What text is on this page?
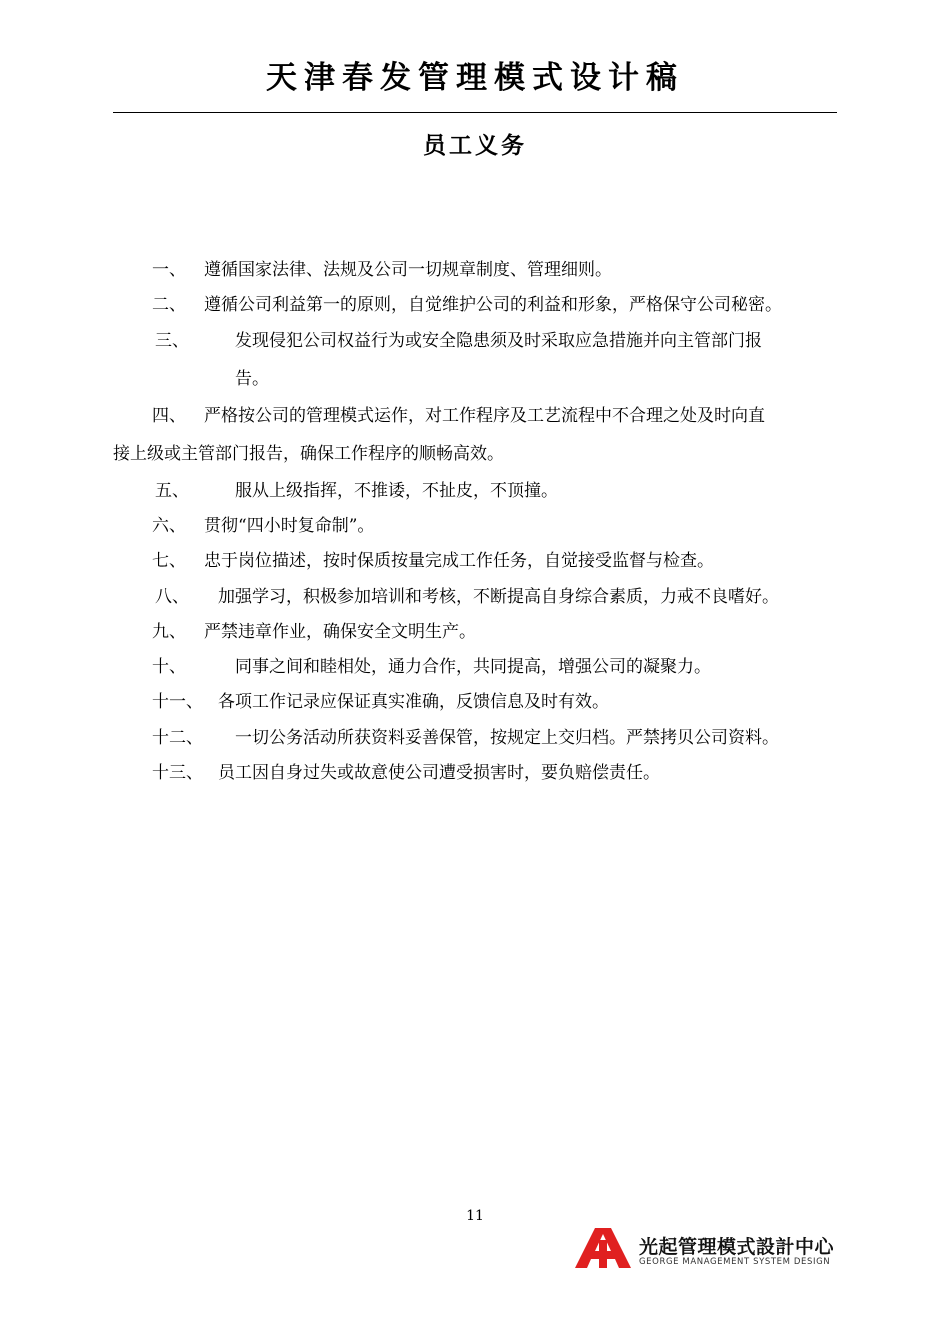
天津春发管理模式设计稿
员工义务
一、 遵循国家法律、法规及公司一切规章制度、管理细则。
二、 遵循公司利益第一的原则，自觉维护公司的利益和形象，严格保守公司秘密。
三、	发现侵犯公司权益行为或安全隐患须及时采取应急措施并向主管部门报
告。
四、 严格按公司的管理模式运作，对工作程序及工艺流程中不合理之处及时向直
接上级或主管部门报告，确保工作程序的顺畅高效。
五、	服从上级指挥，不推诿，不扯皮，不顶撞。
六、 贯彻“四小时复命制”。
七、 忠于岗位描述，按时保质按量完成工作任务，自觉接受监督与检查。
八、 加强学习，积极参加培训和考核，不断提高自身综合素质，力戒不良嗜好。
九、 严禁违章作业，确保安全文明生产。
十、	同事之间和睦相处，通力合作，共同提高，增强公司的凝聚力。
十一、 各项工作记录应保证真实准确，反馈信息及时有效。
十二、 一切公务活动所获资料妥善保管，按规定上交归档。严禁拷贝公司资料。
十三、 员工因自身过失或故意使公司遭受损害时，要负赔偿责任。
11
光起管理模式設計中心
GEORGE MANAGEMENT SYSTEM DESIGN
